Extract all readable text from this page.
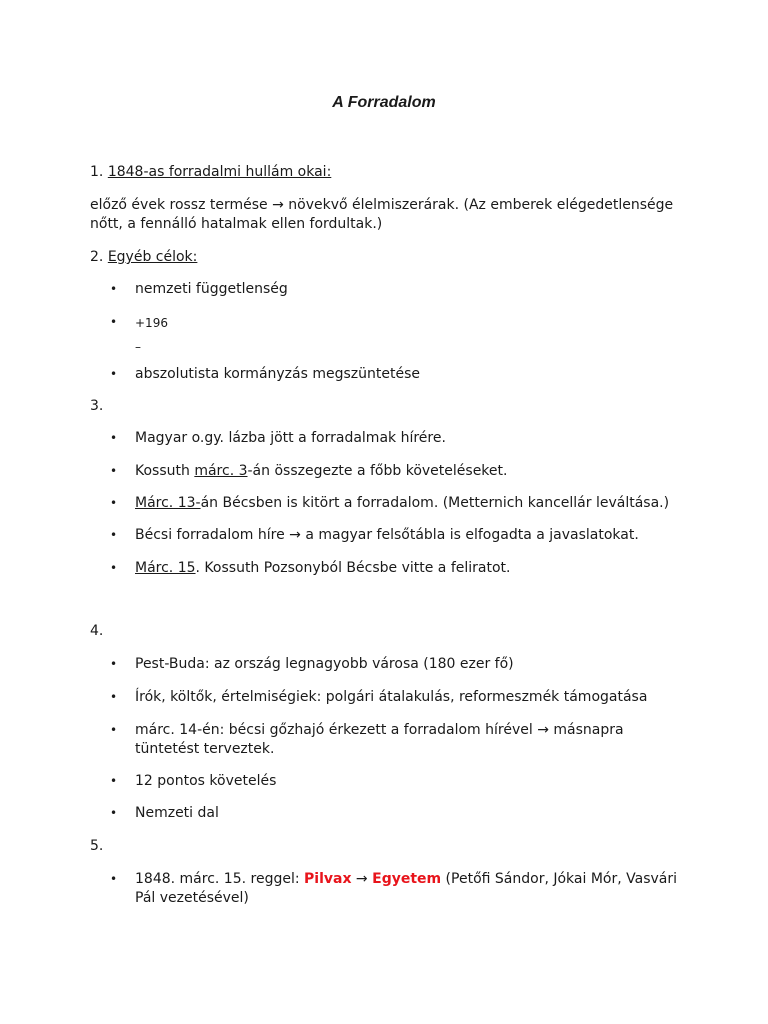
A Forradalom
1. 1848-as forradalmi hullám okai:
előző évek rossz termése → növekvő élelmiszerárak. (Az emberek elégedetlensége nőtt, a fennálló hatalmak ellen fordultak.)
2. Egyéb célok:
• nemzeti függetlenség
• +196
–
• abszolutista kormányzás megszüntetése
3.
• Magyar o.gy. lázba jött a forradalmak hírére.
• Kossuth márc. 3-án összegezte a főbb követeléseket.
• Márc. 13-án Bécsben is kitört a forradalom. (Metternich kancellár leváltása.)
• Bécsi forradalom híre → a magyar felsőtábla is elfogadta a javaslatokat.
• Márc. 15. Kossuth Pozsonyból Bécsbe vitte a feliratot.
4.
• Pest-Buda: az ország legnagyobb városa (180 ezer fő)
• Írók, költők, értelmiségiek: polgári átalakulás, reformeszmék támogatása
• márc. 14-én: bécsi gőzhajó érkezett a forradalom hírével → másnapra tüntetést terveztek.
• 12 pontos követelés
• Nemzeti dal
5.
• 1848. márc. 15. reggel: Pilvax → Egyetem (Petőfi Sándor, Jókai Mór, Vasvári Pál vezetésével)
